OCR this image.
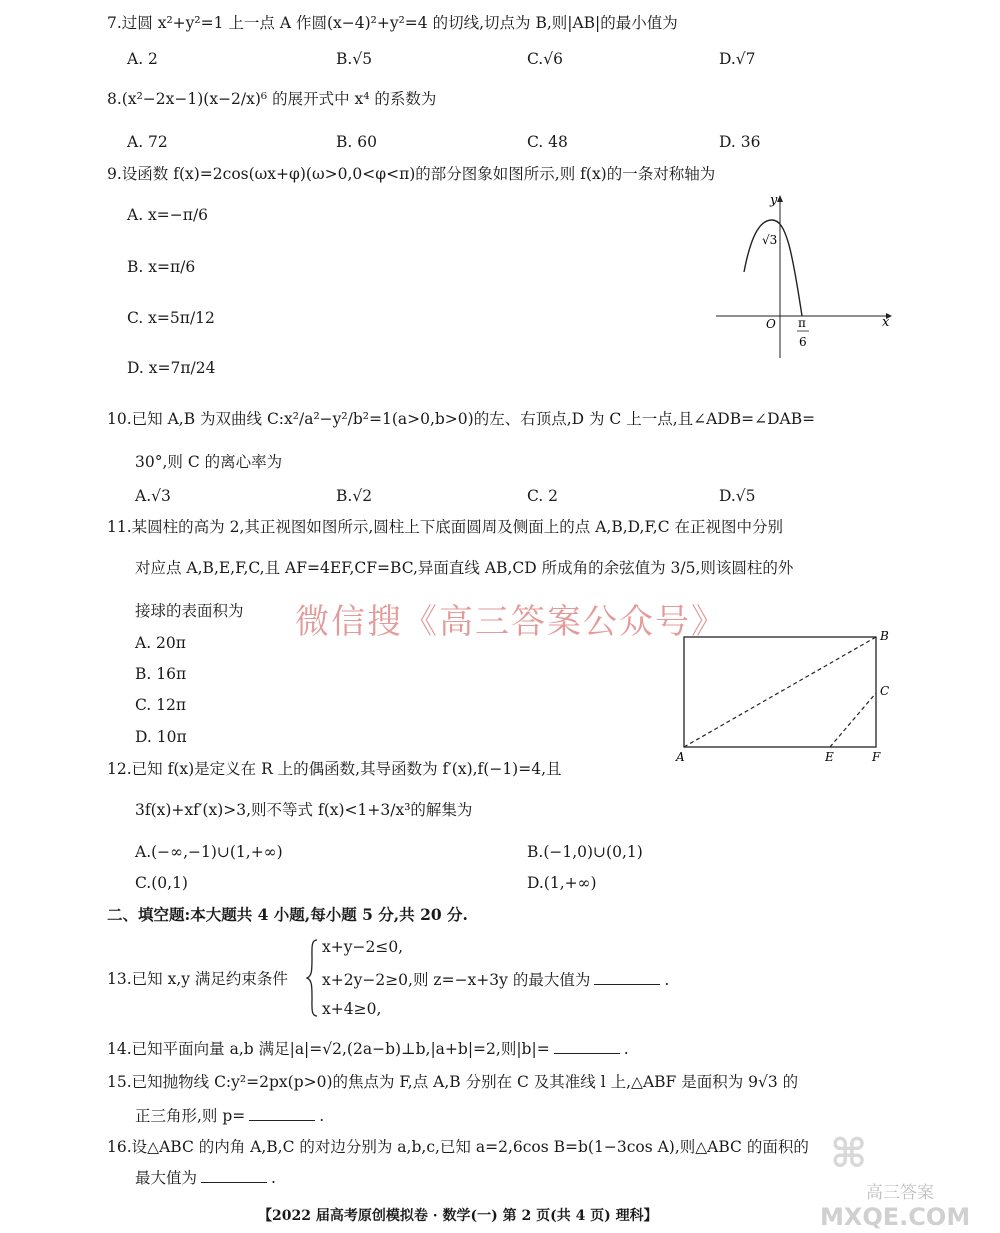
7.过圆 x²+y²=1 上一点 A 作圆(x−4)²+y²=4 的切线,切点为 B,则|AB|的最小值为
A. 2	B.√5	C.√6	D.√7
8.(x²−2x−1)(x−2/x)⁶ 的展开式中 x⁴ 的系数为
A. 72	B. 60	C. 48	D. 36
9.设函数 f(x)=2cos(ωx+φ)(ω>0,0<φ<π)的部分图象如图所示,则 f(x)的一条对称轴为
A. x=−π/6
B. x=π/6
C. x=5π/12
D. x=7π/24
y
x
O
√3
π
6
10.已知 A,B 为双曲线 C:x²/a²−y²/b²=1(a>0,b>0)的左、右顶点,D 为 C 上一点,且∠ADB=∠DAB=
30°,则 C 的离心率为
A.√3	B.√2	C. 2	D.√5
11.某圆柱的高为 2,其正视图如图所示,圆柱上下底面圆周及侧面上的点 A,B,D,F,C 在正视图中分别
对应点 A,B,E,F,C,且 AF=4EF,CF=BC,异面直线 AB,CD 所成角的余弦值为 3/5,则该圆柱的外
接球的表面积为 微信搜《高三答案公众号》
A. 20π
B. 16π
C. 12π
D. 10π
A
B
C
E	F
12.已知 f(x)是定义在 R 上的偶函数,其导函数为 f′(x),f(−1)=4,且
3f(x)+xf′(x)>3,则不等式 f(x)<1+3/x³的解集为
A.(−∞,−1)∪(1,+∞)	B.(−1,0)∪(0,1)
C.(0,1)	D.(1,+∞)
二、填空题:本大题共 4 小题,每小题 5 分,共 20 分.
13.已知 x,y 满足约束条件
x+y−2≤0,
x+2y−2≥0,则 z=−x+3y 的最大值为	.
x+4≥0,
14.已知平面向量 a,b 满足|a|=√2,(2a−b)⊥b,|a+b|=2,则|b|=	.
15.已知抛物线 C:y²=2px(p>0)的焦点为 F,点 A,B 分别在 C 及其准线 l 上,△ABF 是面积为 9√3 的
正三角形,则 p=	.
16.设△ABC 的内角 A,B,C 的对边分别为 a,b,c,已知 a=2,6cos B=b(1−3cos A),则△ABC 的面积的
最大值为	.
【2022 届高考原创模拟卷 · 数学(一) 第 2 页(共 4 页) 理科】
⌘
高三答案
MXQE.COM
